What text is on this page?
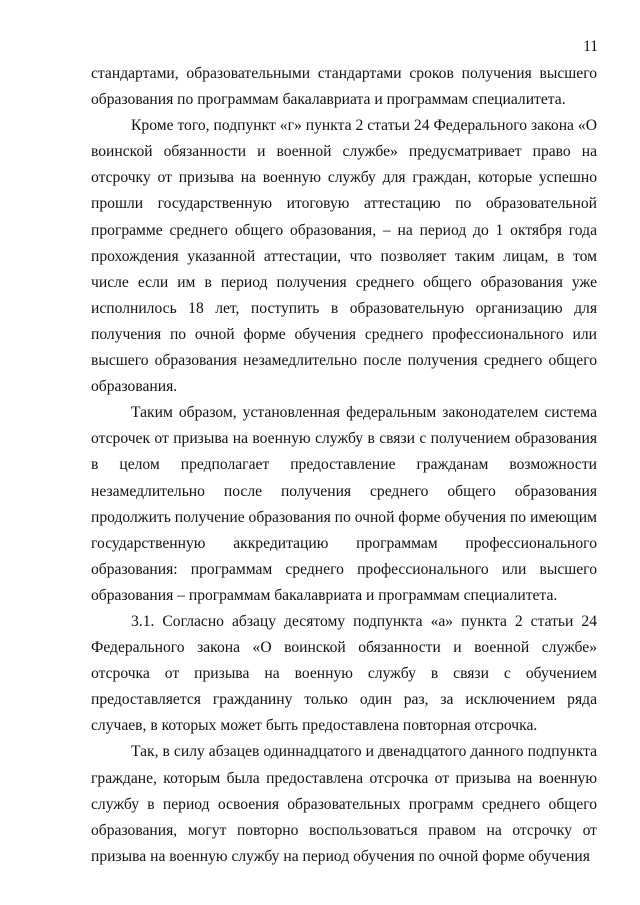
11

стандартами, образовательными стандартами сроков получения высшего образования по программам бакалавриата и программам специалитета.

Кроме того, подпункт «г» пункта 2 статьи 24 Федерального закона «О воинской обязанности и военной службе» предусматривает право на отсрочку от призыва на военную службу для граждан, которые успешно прошли государственную итоговую аттестацию по образовательной программе среднего общего образования, – на период до 1 октября года прохождения указанной аттестации, что позволяет таким лицам, в том числе если им в период получения среднего общего образования уже исполнилось 18 лет, поступить в образовательную организацию для получения по очной форме обучения среднего профессионального или высшего образования незамедлительно после получения среднего общего образования.

Таким образом, установленная федеральным законодателем система отсрочек от призыва на военную службу в связи с получением образования в целом предполагает предоставление гражданам возможности незамедлительно после получения среднего общего образования продолжить получение образования по очной форме обучения по имеющим государственную аккредитацию программам профессионального образования: программам среднего профессионального или высшего образования – программам бакалавриата и программам специалитета.

3.1. Согласно абзацу десятому подпункта «а» пункта 2 статьи 24 Федерального закона «О воинской обязанности и военной службе» отсрочка от призыва на военную службу в связи с обучением предоставляется гражданину только один раз, за исключением ряда случаев, в которых может быть предоставлена повторная отсрочка.

Так, в силу абзацев одиннадцатого и двенадцатого данного подпункта граждане, которым была предоставлена отсрочка от призыва на военную службу в период освоения образовательных программ среднего общего образования, могут повторно воспользоваться правом на отсрочку от призыва на военную службу на период обучения по очной форме обучения
